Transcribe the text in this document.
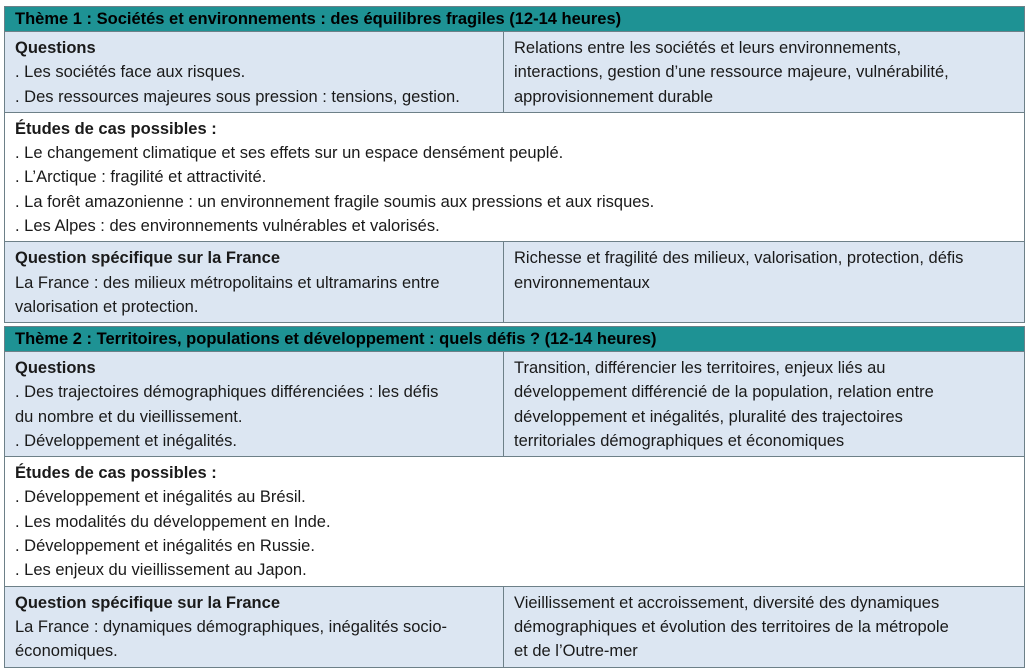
Thème 1 : Sociétés et environnements : des équilibres fragiles (12-14 heures)
Questions
. Les sociétés face aux risques.
. Des ressources majeures sous pression : tensions, gestion.
Relations entre les sociétés et leurs environnements,
interactions, gestion d’une ressource majeure, vulnérabilité,
approvisionnement durable
Études de cas possibles :
. Le changement climatique et ses effets sur un espace densément peuplé.
. L’Arctique : fragilité et attractivité.
. La forêt amazonienne : un environnement fragile soumis aux pressions et aux risques.
. Les Alpes : des environnements vulnérables et valorisés.
Question spécifique sur la France
La France : des milieux métropolitains et ultramarins entre
valorisation et protection.
Richesse et fragilité des milieux, valorisation, protection, défis
environnementaux
Thème 2 : Territoires, populations et développement : quels défis ? (12-14 heures)
Questions
. Des trajectoires démographiques différenciées : les défis
du nombre et du vieillissement.
. Développement et inégalités.
Transition, différencier les territoires, enjeux liés au
développement différencié de la population, relation entre
développement et inégalités, pluralité des trajectoires
territoriales démographiques et économiques
Études de cas possibles :
. Développement et inégalités au Brésil.
. Les modalités du développement en Inde.
. Développement et inégalités en Russie.
. Les enjeux du vieillissement au Japon.
Question spécifique sur la France
La France : dynamiques démographiques, inégalités socio-
économiques.
Vieillissement et accroissement, diversité des dynamiques
démographiques et évolution des territoires de la métropole
et de l’Outre-mer
